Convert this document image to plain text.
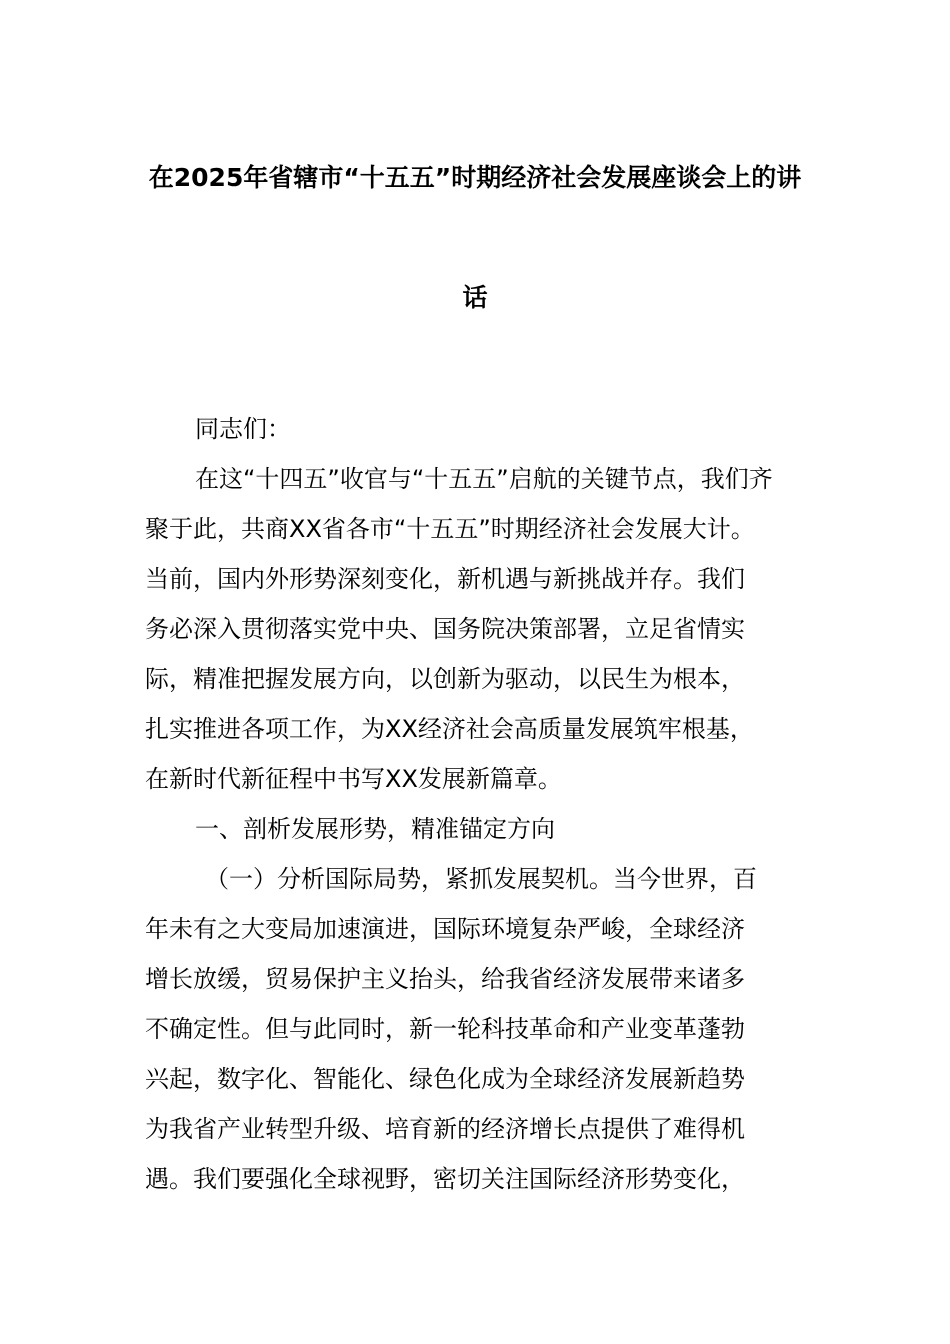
在2025年省辖市“十五五”时期经济社会发展座谈会上的讲
话

同志们：

在这“十四五”收官与“十五五”启航的关键节点，我们齐
聚于此，共商XX省各市“十五五”时期经济社会发展大计。
当前，国内外形势深刻变化，新机遇与新挑战并存。我们
务必深入贯彻落实党中央、国务院决策部署，立足省情实
际，精准把握发展方向，以创新为驱动，以民生为根本，
扎实推进各项工作，为XX经济社会高质量发展筑牢根基，
在新时代新征程中书写XX发展新篇章。

一、剖析发展形势，精准锚定方向

（一）分析国际局势，紧抓发展契机。当今世界，百
年未有之大变局加速演进，国际环境复杂严峻，全球经济
增长放缓，贸易保护主义抬头，给我省经济发展带来诸多
不确定性。但与此同时，新一轮科技革命和产业变革蓬勃
兴起，数字化、智能化、绿色化成为全球经济发展新趋势
为我省产业转型升级、培育新的经济增长点提供了难得机
遇。我们要强化全球视野，密切关注国际经济形势变化，
